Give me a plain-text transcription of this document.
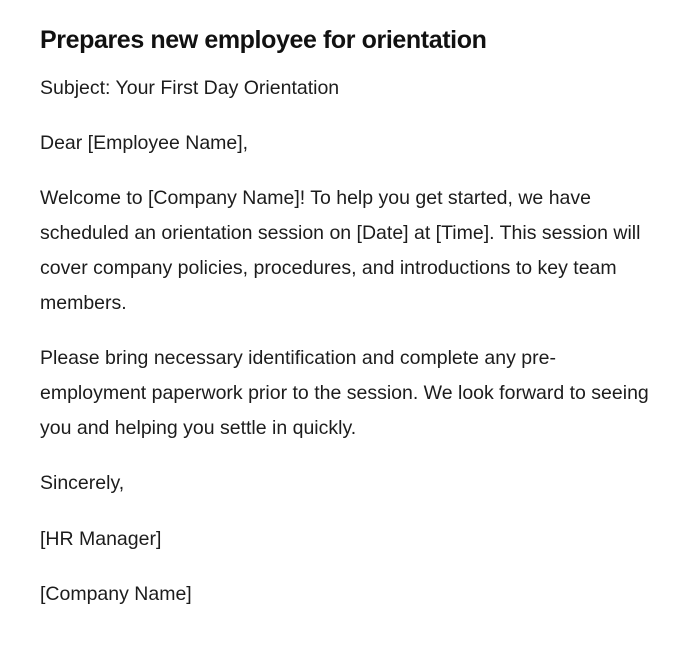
Prepares new employee for orientation

Subject: Your First Day Orientation

Dear [Employee Name],

Welcome to [Company Name]! To help you get started, we have scheduled an orientation session on [Date] at [Time]. This session will cover company policies, procedures, and introductions to key team members.

Please bring necessary identification and complete any pre-employment paperwork prior to the session. We look forward to seeing you and helping you settle in quickly.

Sincerely,

[HR Manager]

[Company Name]
